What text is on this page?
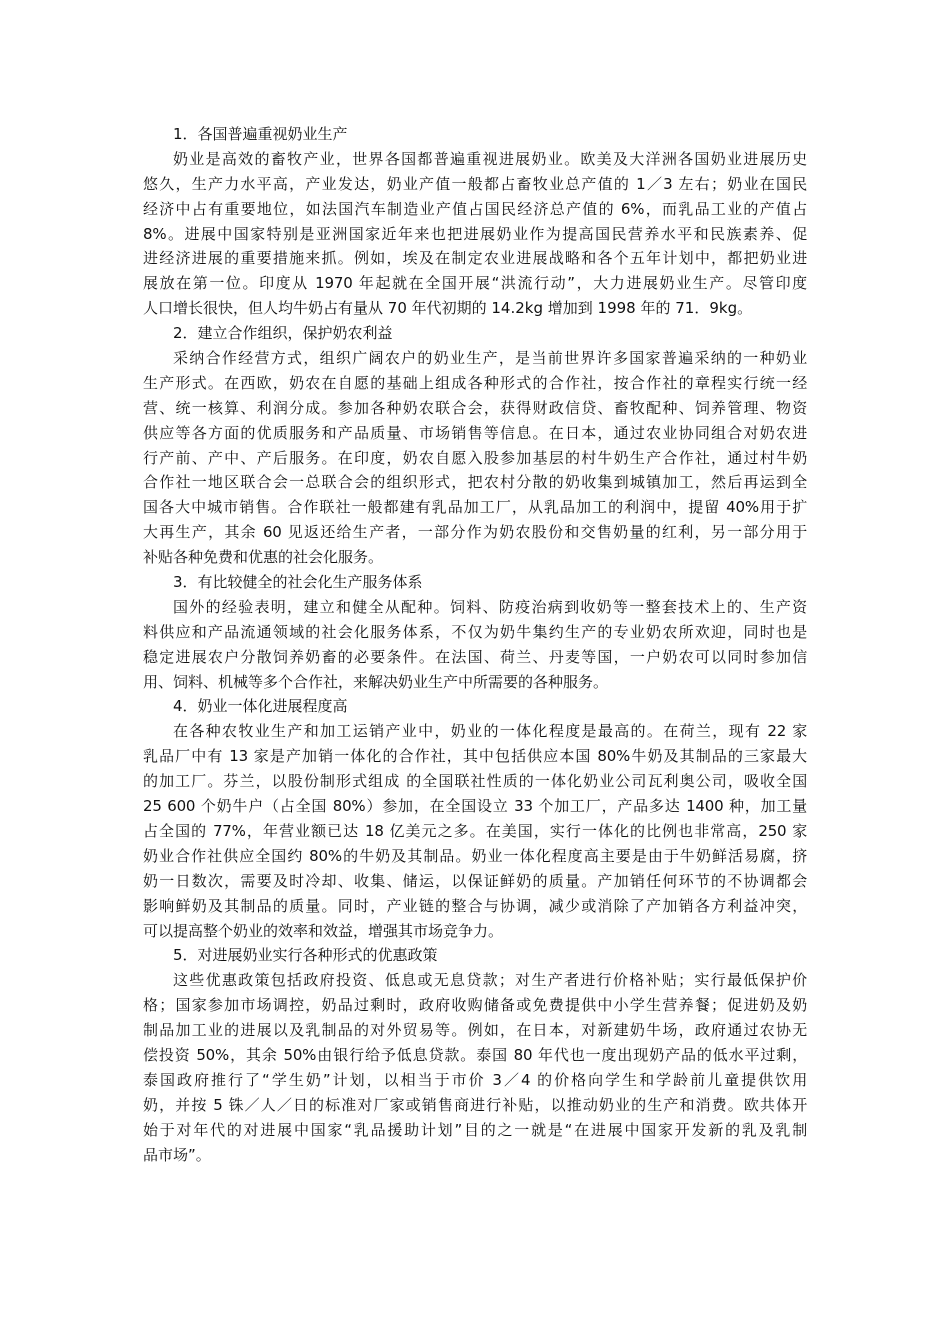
1．各国普遍重视奶业生产
奶业是高效的畜牧产业，世界各国都普遍重视进展奶业。欧美及大洋洲各国奶业进展历史
悠久，生产力水平高，产业发达，奶业产值一般都占畜牧业总产值的 1／3 左右；奶业在国民
经济中占有重要地位，如法国汽车制造业产值占国民经济总产值的 6%，而乳品工业的产值占
8%。进展中国家特别是亚洲国家近年来也把进展奶业作为提高国民营养水平和民族素养、促
进经济进展的重要措施来抓。例如，埃及在制定农业进展战略和各个五年计划中，都把奶业进
展放在第一位。印度从 1970 年起就在全国开展“洪流行动”，大力进展奶业生产。尽管印度
人口增长很快，但人均牛奶占有量从 70 年代初期的 14.2kg 增加到 1998 年的 71．9kg。
2．建立合作组织，保护奶农利益
采纳合作经营方式，组织广阔农户的奶业生产，是当前世界许多国家普遍采纳的一种奶业
生产形式。在西欧，奶农在自愿的基础上组成各种形式的合作社，按合作社的章程实行统一经
营、统一核算、利润分成。参加各种奶农联合会，获得财政信贷、畜牧配种、饲养管理、物资
供应等各方面的优质服务和产品质量、市场销售等信息。在日本，通过农业协同组合对奶农进
行产前、产中、产后服务。在印度，奶农自愿入股参加基层的村牛奶生产合作社，通过村牛奶
合作社一地区联合会一总联合会的组织形式，把农村分散的奶收集到城镇加工，然后再运到全
国各大中城市销售。合作联社一般都建有乳品加工厂，从乳品加工的利润中，提留 40%用于扩
大再生产，其余 60 见返还给生产者，一部分作为奶农股份和交售奶量的红利，另一部分用于
补贴各种免费和优惠的社会化服务。
3．有比较健全的社会化生产服务体系
国外的经验表明，建立和健全从配种。饲料、防疫治病到收奶等一整套技术上的、生产资
料供应和产品流通领域的社会化服务体系，不仅为奶牛集约生产的专业奶农所欢迎，同时也是
稳定进展农户分散饲养奶畜的必要条件。在法国、荷兰、丹麦等国，一户奶农可以同时参加信
用、饲料、机械等多个合作社，来解决奶业生产中所需要的各种服务。
4．奶业一体化进展程度高
在各种农牧业生产和加工运销产业中，奶业的一体化程度是最高的。在荷兰，现有 22 家
乳品厂中有 13 家是产加销一体化的合作社，其中包括供应本国 80%牛奶及其制品的三家最大
的加工厂。芬兰，以股份制形式组成 的全国联社性质的一体化奶业公司瓦利奥公司，吸收全国
25 600 个奶牛户（占全国 80%）参加，在全国设立 33 个加工厂，产品多达 1400 种，加工量
占全国的 77%，年营业额已达 18 亿美元之多。在美国，实行一体化的比例也非常高，250 家
奶业合作社供应全国约 80%的牛奶及其制品。奶业一体化程度高主要是由于牛奶鲜活易腐，挤
奶一日数次，需要及时冷却、收集、储运，以保证鲜奶的质量。产加销任何环节的不协调都会
影响鲜奶及其制品的质量。同时，产业链的整合与协调，减少或消除了产加销各方利益冲突，
可以提高整个奶业的效率和效益，增强其市场竞争力。
5．对进展奶业实行各种形式的优惠政策
这些优惠政策包括政府投资、低息或无息贷款；对生产者进行价格补贴；实行最低保护价
格；国家参加市场调控，奶品过剩时，政府收购储备或免费提供中小学生营养餐；促进奶及奶
制品加工业的进展以及乳制品的对外贸易等。例如，在日本，对新建奶牛场，政府通过农协无
偿投资 50%，其余 50%由银行给予低息贷款。泰国 80 年代也一度出现奶产品的低水平过剩，
泰国政府推行了“学生奶”计划，以相当于市价 3／4 的价格向学生和学龄前儿童提供饮用
奶，并按 5 铢／人／日的标准对厂家或销售商进行补贴，以推动奶业的生产和消费。欧共体开
始于对年代的对进展中国家“乳品援助计划”目的之一就是“在进展中国家开发新的乳及乳制
品市场”。
